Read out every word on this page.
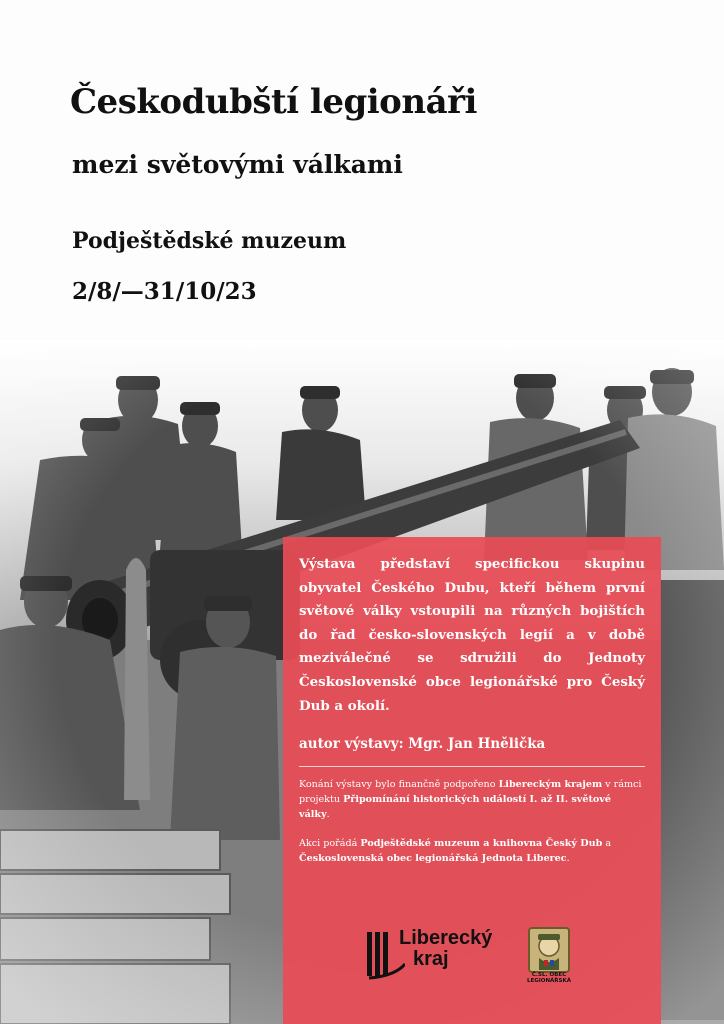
Českodubští legionáři
mezi světovými válkami
Podještědské muzeum
2/8/—31/10/23
Výstava představí specifickou skupinu obyvatel Českého Dubu, kteří během první světové války vstoupili na různých bojištích do řad česko-slovenských legií a v době meziválečné se sdružili do Jednoty Československé obce legionářské pro Český Dub a okolí.
autor výstavy: Mgr. Jan Hnělička
Konání výstavy bylo finančně podpořeno Libereckým krajem v rámci projektu Připomínání historických událostí I. až II. světové války.
Akci pořádá Podještědské muzeum a knihovna Český Dub a Československá obec legionářská Jednota Liberec.
Liberecký
kraj
Č.SL. OBEC
LEGIONÁŘSKÁ
